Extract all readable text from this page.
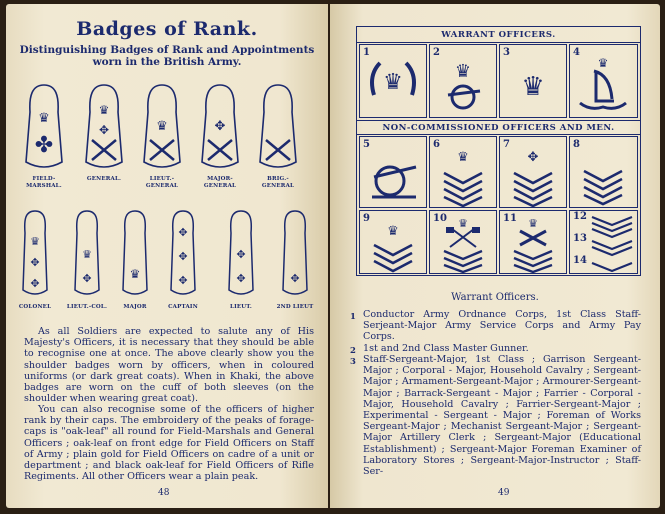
Badges of Rank.
Distinguishing Badges of Rank and Appointments worn in the British Army.
♛
✤
♛
✥	♛	✥
FIELD-MARSHAL.
GENERAL.	LIEUT.-GENERAL
MAJOR-GENERAL
BRIG.-GENERAL
♛
✥
✥
♛
✥	♛
✥
✥
✥
✥
✥	✥
COLONEL	LIEUT.-COL.	MAJOR	CAPTAIN	LIEUT.	2ND LIEUT
As all Soldiers are expected to salute any of His Majesty's Officers, it is necessary that they should be able to recognise one at once. The above clearly show you the shoulder badges worn by officers, when in coloured uniforms (or dark great coats). When in Khaki, the above badges are worn on the cuff of both sleeves (on the shoulder when wearing great coat).
You can also recognise some of the officers of higher rank by their caps. The embroidery of the peaks of forage-caps is "oak-leaf" all round for Field-Marshals and General Officers ; oak-leaf on front edge for Field Officers on Staff of Army ; plain gold for Field Officers on cadre of a unit or department ; and black oak-leaf for Field Officers of Rifle Regiments. All other Officers wear a plain peak.
48
WARRANT OFFICERS.
1
♛
2
♛
3
♛
4
♛
NON-COMMISSIONED OFFICERS AND MEN.
5	6
♛
7
✥
8
9
♛
10 ♛	11 ♛
12
13
14
Warrant Officers.
1 Conductor Army Ordnance Corps, 1st Class Staff-Serjeant-Major Army Service Corps and Army Pay Corps.
2 1st and 2nd Class Master Gunner.
3 Staff-Sergeant-Major, 1st Class ; Garrison Sergeant- Major ; Corporal - Major, Household Cavalry ; Sergeant-Major ; Armament-Sergeant-Major ; Armourer-Sergeant-Major ; Barrack-Sergeant - Major ; Farrier - Corporal - Major, Household Cavalry ; Farrier-Sergeant-Major ; Experimental - Sergeant - Major ; Foreman of Works Sergeant-Major ; Mechanist Sergeant-Major ; Sergeant-Major Artillery Clerk ; Sergeant-Major (Educational Establishment) ; Sergeant-Major Foreman Examiner of Laboratory Stores ; Sergeant-Major-Instructor ; Staff-Ser-
49
